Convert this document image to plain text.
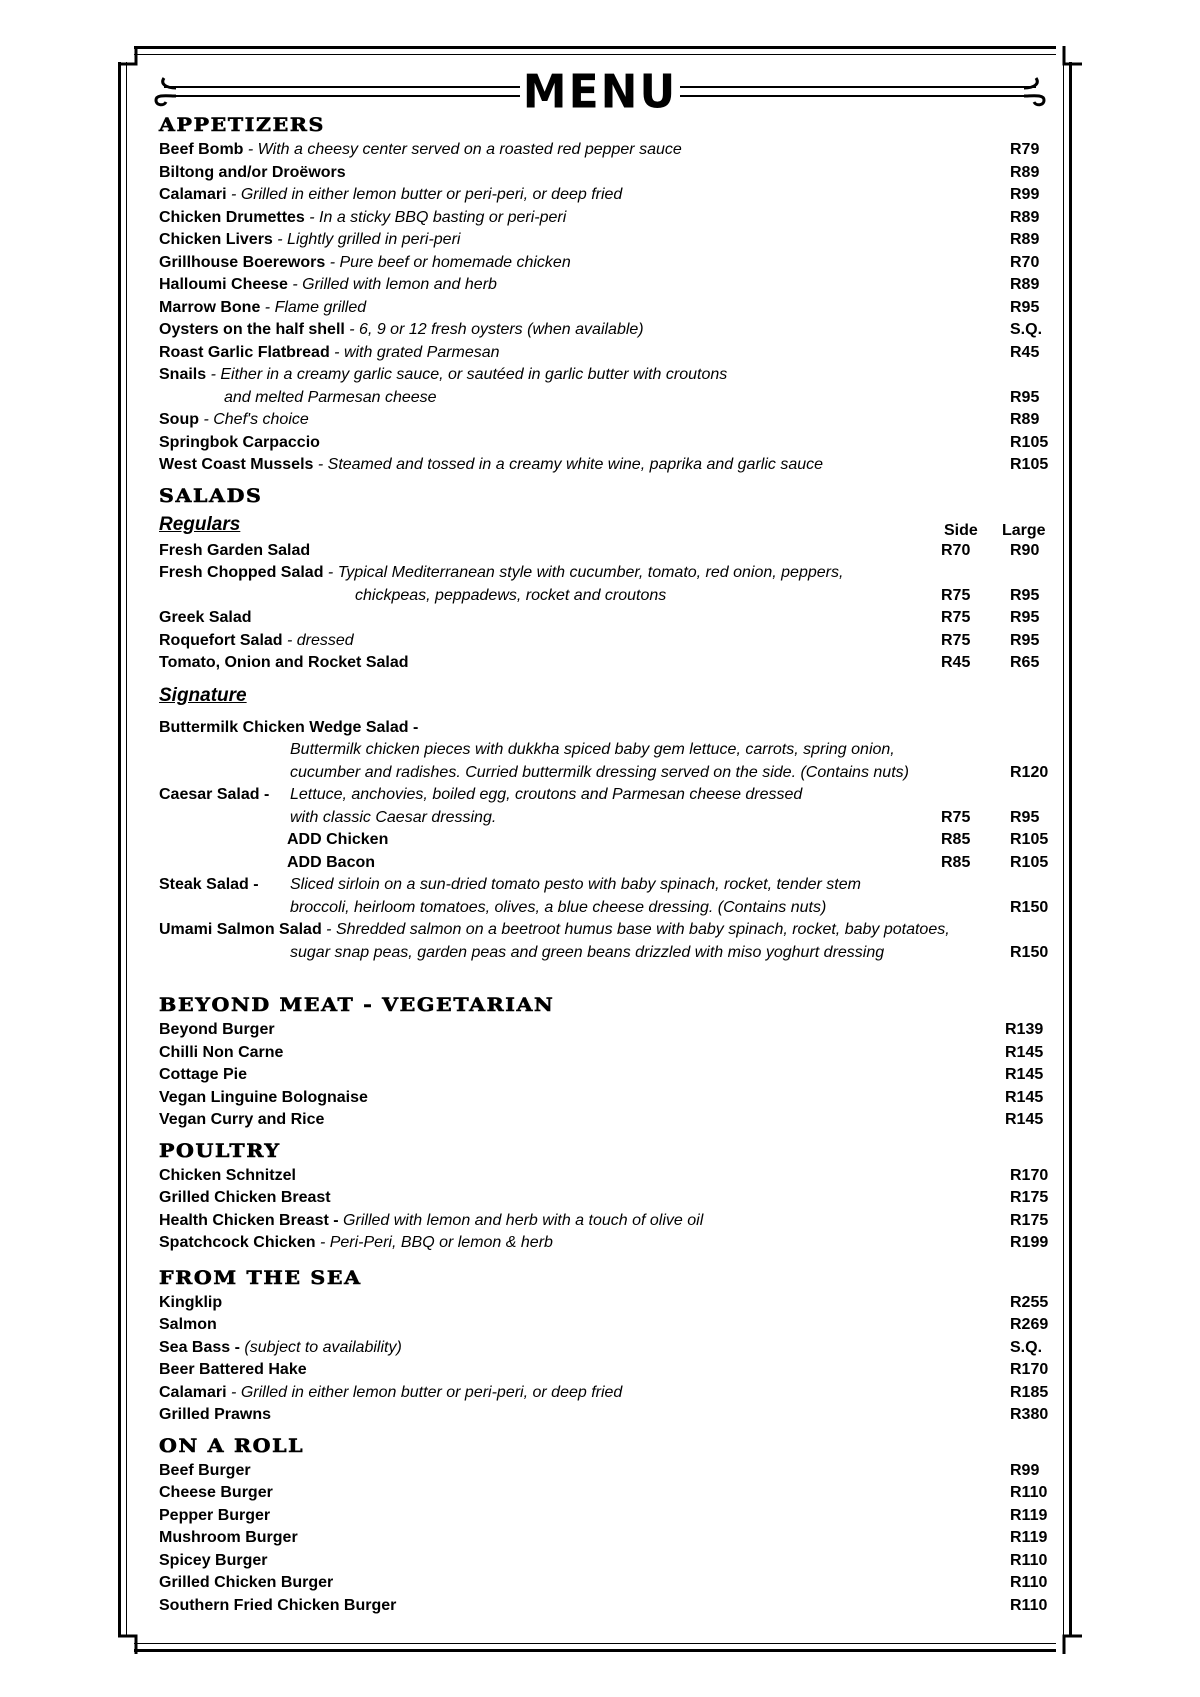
MENU
APPETIZERS
Beef Bomb - With a cheesy center served on a roasted red pepper sauce	R79
Biltong and/or Droëwors	R89
Calamari - Grilled in either lemon butter or peri-peri, or deep fried	R99
Chicken Drumettes - In a sticky BBQ basting or peri-peri	R89
Chicken Livers - Lightly grilled in peri-peri	R89
Grillhouse Boerewors - Pure beef or homemade chicken	R70
Halloumi Cheese - Grilled with lemon and herb	R89
Marrow Bone - Flame grilled	R95
Oysters on the half shell - 6, 9 or 12 fresh oysters (when available)	S.Q.
Roast Garlic Flatbread - with grated Parmesan	R45
Snails - Either in a creamy garlic sauce, or sautéed in garlic butter with croutons
and melted Parmesan cheese	R95
Soup - Chef's choice	R89
Springbok Carpaccio	R105
West Coast Mussels - Steamed and tossed in a creamy white wine, paprika and garlic sauce	R105
SALADS
Regulars	Side Large
Fresh Garden Salad	R70 R90
Fresh Chopped Salad - Typical Mediterranean style with cucumber, tomato, red onion, peppers,
chickpeas, peppadews, rocket and croutons	R75 R95
Greek Salad	R75 R95
Roquefort Salad - dressed	R75 R95
Tomato, Onion and Rocket Salad	R45 R65
Signature
Buttermilk Chicken Wedge Salad -
Buttermilk chicken pieces with dukkha spiced baby gem lettuce, carrots, spring onion,
cucumber and radishes. Curried buttermilk dressing served on the side. (Contains nuts)	R120
Caesar Salad - Lettuce, anchovies, boiled egg, croutons and Parmesan cheese dressed
with classic Caesar dressing.	R75 R95
ADD Chicken	R85 R105
ADD Bacon	R85 R105
Steak Salad - Sliced sirloin on a sun-dried tomato pesto with baby spinach, rocket, tender stem
broccoli, heirloom tomatoes, olives, a blue cheese dressing. (Contains nuts)	R150
Umami Salmon Salad - Shredded salmon on a beetroot humus base with baby spinach, rocket, baby potatoes,
sugar snap peas, garden peas and green beans drizzled with miso yoghurt dressing	R150
BEYOND MEAT - VEGETARIAN
Beyond Burger	R139
Chilli Non Carne	R145
Cottage Pie	R145
Vegan Linguine Bolognaise	R145
Vegan Curry and Rice	R145
POULTRY
Chicken Schnitzel	R170
Grilled Chicken Breast	R175
Health Chicken Breast - Grilled with lemon and herb with a touch of olive oil	R175
Spatchcock Chicken - Peri-Peri, BBQ or lemon & herb	R199
FROM THE SEA
Kingklip	R255
Salmon	R269
Sea Bass - (subject to availability)	S.Q.
Beer Battered Hake	R170
Calamari - Grilled in either lemon butter or peri-peri, or deep fried	R185
Grilled Prawns	R380
ON A ROLL
Beef Burger	R99
Cheese Burger	R110
Pepper Burger	R119
Mushroom Burger	R119
Spicey Burger	R110
Grilled Chicken Burger	R110
Southern Fried Chicken Burger	R110
